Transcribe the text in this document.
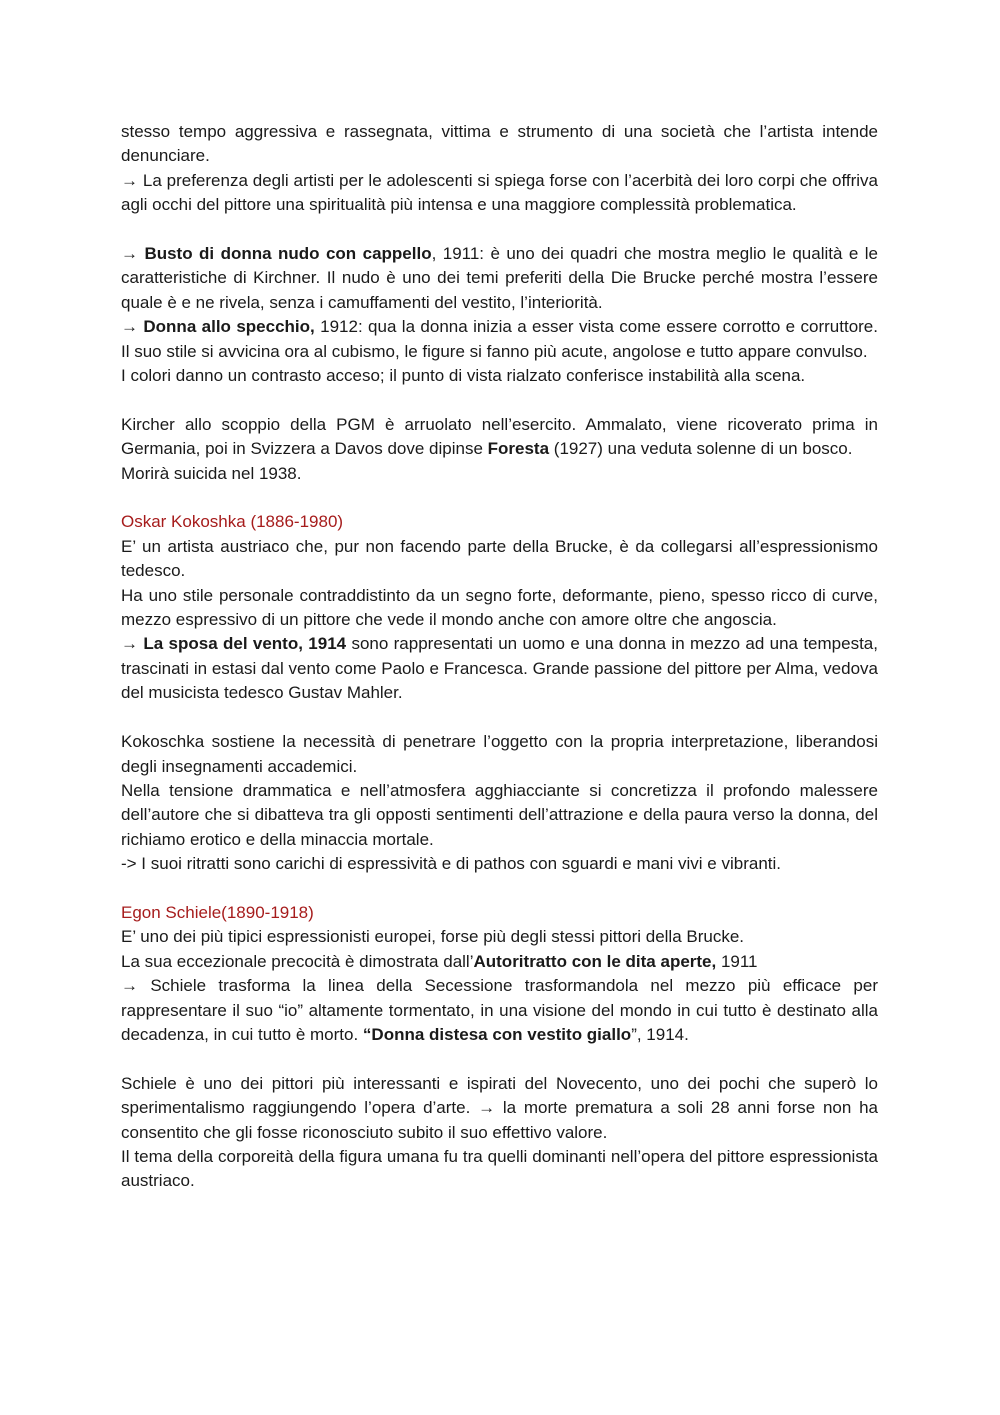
stesso tempo aggressiva e rassegnata, vittima e strumento di una società che l’artista intende denunciare.

→ La preferenza degli artisti per le adolescenti si spiega forse con l’acerbità dei loro corpi che offriva agli occhi del pittore una spiritualità più intensa e una maggiore complessità problematica.

→ Busto di donna nudo con cappello, 1911: è uno dei quadri che mostra meglio le qualità e le caratteristiche di Kirchner. Il nudo è uno dei temi preferiti della Die Brucke perché mostra l’essere quale è e ne rivela, senza i camuffamenti del vestito, l’interiorità.

→ Donna allo specchio, 1912: qua la donna inizia a esser vista come essere corrotto e corruttore. Il suo stile si avvicina ora al cubismo, le figure si fanno più acute, angolose e tutto appare convulso.

I colori danno un contrasto acceso; il punto di vista rialzato conferisce instabilità alla scena.

Kircher allo scoppio della PGM è arruolato nell’esercito. Ammalato, viene ricoverato prima in Germania, poi in Svizzera a Davos dove dipinse Foresta (1927) una veduta solenne di un bosco.

Morirà suicida nel 1938.

Oskar Kokoshka (1886-1980)

E’ un artista austriaco che, pur non facendo parte della Brucke, è da collegarsi all’espressionismo tedesco.

Ha uno stile personale contraddistinto da un segno forte, deformante, pieno, spesso ricco di curve, mezzo espressivo di un pittore che vede il mondo anche con amore oltre che angoscia.

→ La sposa del vento, 1914 sono rappresentati un uomo e una donna in mezzo ad una tempesta, trascinati in estasi dal vento come Paolo e Francesca. Grande passione del pittore per Alma, vedova del musicista tedesco Gustav Mahler.

Kokoschka sostiene la necessità di penetrare l’oggetto con la propria interpretazione, liberandosi degli insegnamenti accademici.

Nella tensione drammatica e nell’atmosfera agghiacciante si concretizza il profondo malessere dell’autore che si dibatteva tra gli opposti sentimenti dell’attrazione e della paura verso la donna, del richiamo erotico e della minaccia mortale.

-> I suoi ritratti sono carichi di espressività e di pathos con sguardi e mani vivi e vibranti.

Egon Schiele(1890-1918)

E’ uno dei più tipici espressionisti europei, forse più degli stessi pittori della Brucke.

La sua eccezionale precocità è dimostrata dall’Autoritratto con le dita aperte, 1911

→ Schiele trasforma la linea della Secessione trasformandola nel mezzo più efficace per rappresentare il suo “io” altamente tormentato, in una visione del mondo in cui tutto è destinato alla decadenza, in cui tutto è morto. “Donna distesa con vestito giallo”, 1914.

Schiele è uno dei pittori più interessanti e ispirati del Novecento, uno dei pochi che superò lo sperimentalismo raggiungendo l’opera d’arte. → la morte prematura a soli 28 anni forse non ha consentito che gli fosse riconosciuto subito il suo effettivo valore.

Il tema della corporeità della figura umana fu tra quelli dominanti nell’opera del pittore espressionista austriaco.
